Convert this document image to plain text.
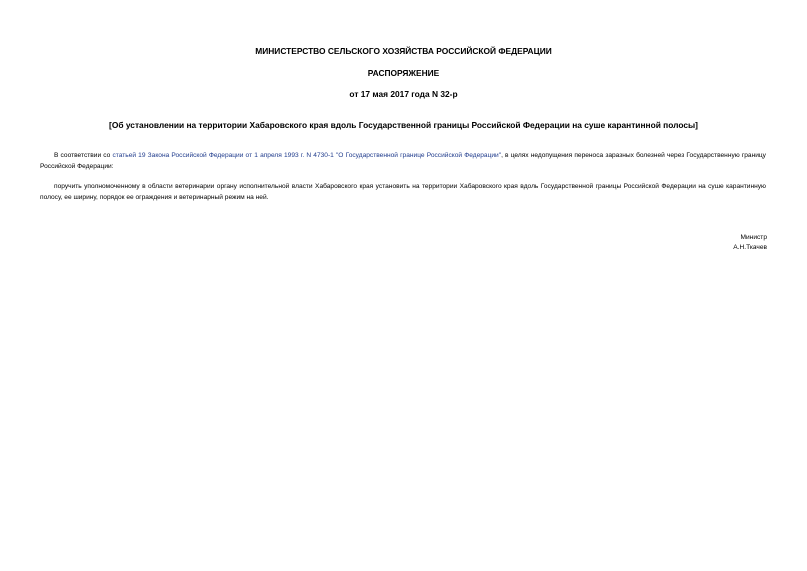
МИНИСТЕРСТВО СЕЛЬСКОГО ХОЗЯЙСТВА РОССИЙСКОЙ ФЕДЕРАЦИИ
РАСПОРЯЖЕНИЕ
от 17 мая 2017 года N 32-р
[Об установлении на территории Хабаровского края вдоль Государственной границы Российской Федерации на суше карантинной полосы]
В соответствии со статьей 19 Закона Российской Федерации от 1 апреля 1993 г. N 4730-1 "О Государственной границе Российской Федерации", в целях недопущения переноса заразных болезней через Государственную границу Российской Федерации:
поручить уполномоченному в области ветеринарии органу исполнительной власти Хабаровского края установить на территории Хабаровского края вдоль Государственной границы Российской Федерации на суше карантинную полосу, ее ширину, порядок ее ограждения и ветеринарный режим на ней.
Министр
А.Н.Ткачев
